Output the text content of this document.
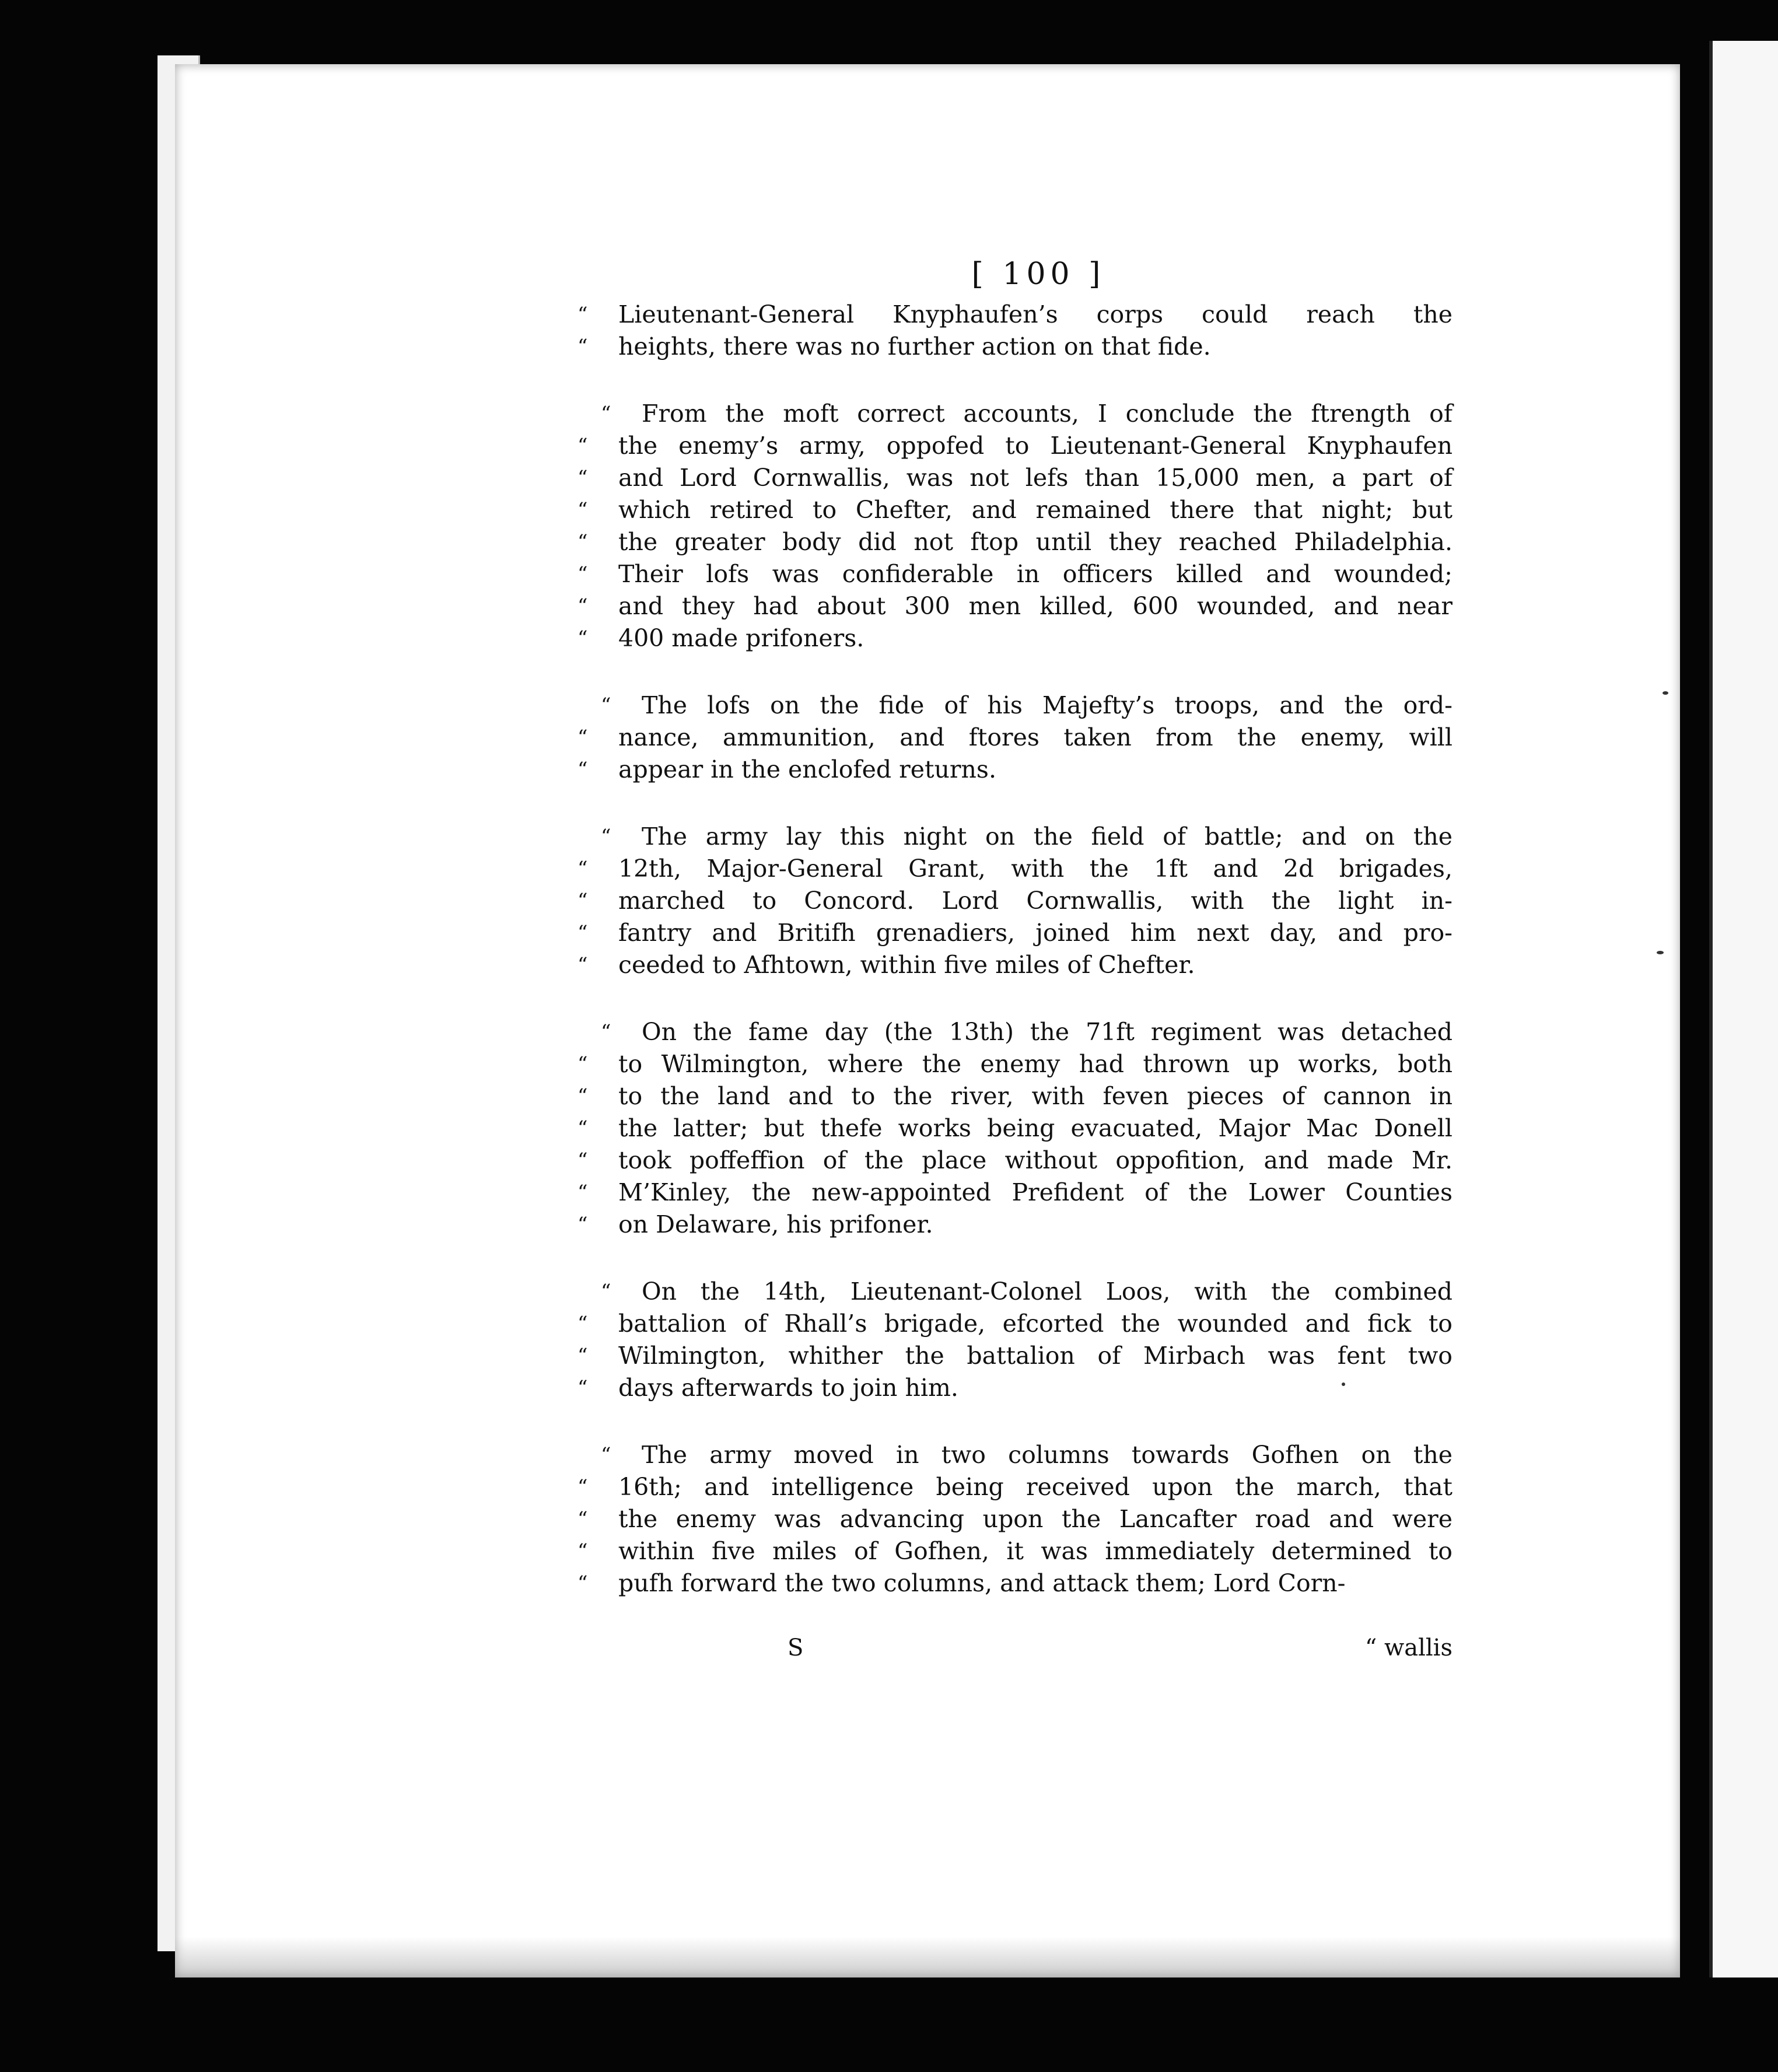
[ 100 ]
“ Lieutenant-General Knyphaufen’s corps could reach the
“ heights, there was no further action on that fide.
“ From the moft correct accounts, I conclude the ftrength of
“ the enemy’s army, oppofed to Lieutenant-General Knyphaufen
“ and Lord Cornwallis, was not lefs than 15,000 men, a part of
“ which retired to Chefter, and remained there that night; but
“ the greater body did not ftop until they reached Philadelphia.
“ Their lofs was confiderable in officers killed and wounded;
“ and they had about 300 men killed, 600 wounded, and near
“ 400 made prifoners.
“ The lofs on the fide of his Majefty’s troops, and the ord-
“ nance, ammunition, and ftores taken from the enemy, will
“ appear in the enclofed returns.
“ The army lay this night on the field of battle; and on the
“ 12th, Major-General Grant, with the 1ft and 2d brigades,
“ marched to Concord. Lord Cornwallis, with the light in-
“ fantry and Britifh grenadiers, joined him next day, and pro-
“ ceeded to Afhtown, within five miles of Chefter.
“ On the fame day (the 13th) the 71ft regiment was detached
“ to Wilmington, where the enemy had thrown up works, both
“ to the land and to the river, with feven pieces of cannon in
“ the latter; but thefe works being evacuated, Major Mac Donell
“ took poffeffion of the place without oppofition, and made Mr.
“ M’Kinley, the new-appointed Prefident of the Lower Counties
“ on Delaware, his prifoner.
“ On the 14th, Lieutenant-Colonel Loos, with the combined
“ battalion of Rhall’s brigade, efcorted the wounded and fick to
“ Wilmington, whither the battalion of Mirbach was fent two
“ days afterwards to join him.
“ The army moved in two columns towards Gofhen on the
“ 16th; and intelligence being received upon the march, that
“ the enemy was advancing upon the Lancafter road and were
“ within five miles of Gofhen, it was immediately determined to
“ pufh forward the two columns, and attack them; Lord Corn-
S	“ wallis
